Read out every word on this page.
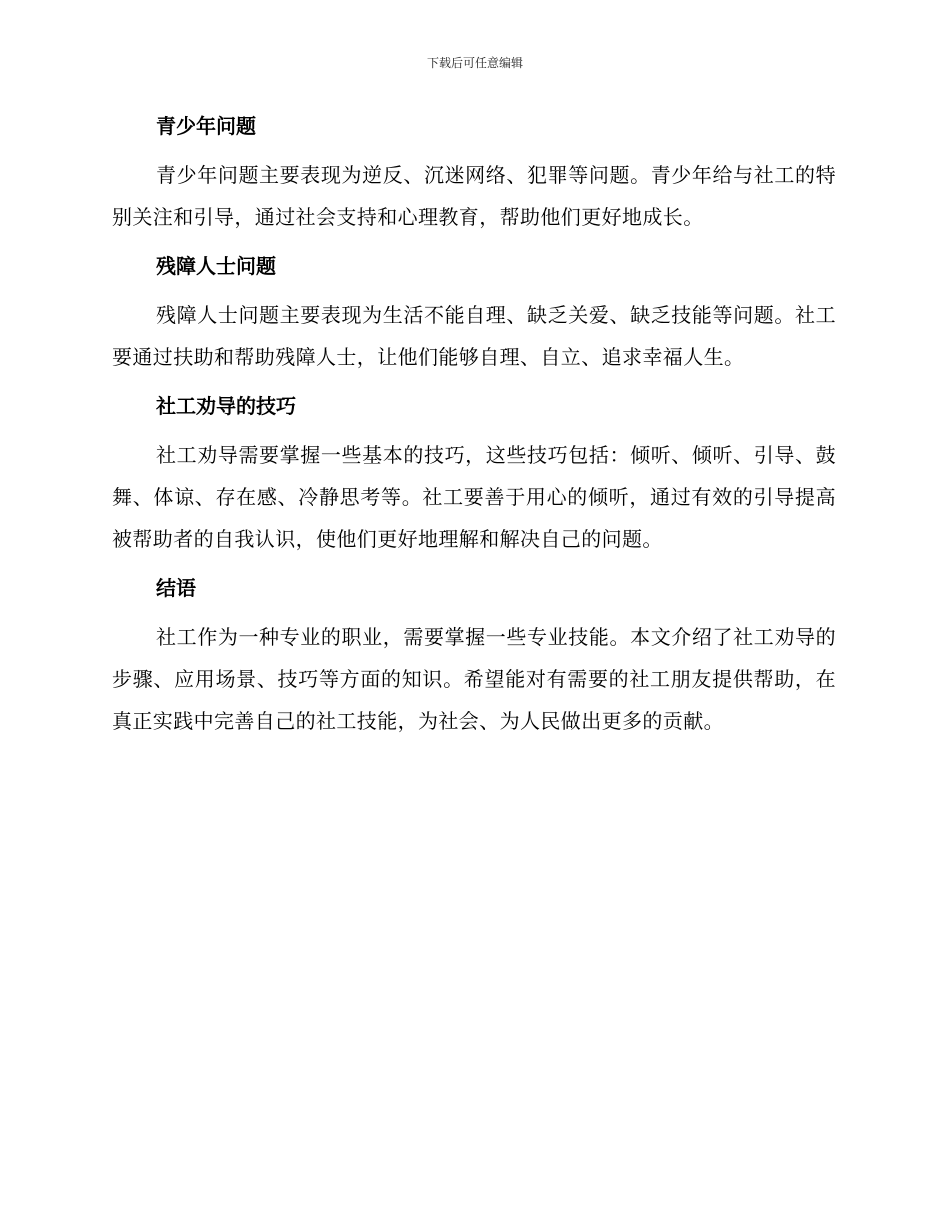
下载后可任意编辑
青少年问题

青少年问题主要表现为逆反、沉迷网络、犯罪等问题。青少年给与社工的特别关注和引导，通过社会支持和心理教育，帮助他们更好地成长。

残障人士问题

残障人士问题主要表现为生活不能自理、缺乏关爱、缺乏技能等问题。社工要通过扶助和帮助残障人士，让他们能够自理、自立、追求幸福人生。

社工劝导的技巧

社工劝导需要掌握一些基本的技巧，这些技巧包括：倾听、倾听、引导、鼓舞、体谅、存在感、冷静思考等。社工要善于用心的倾听，通过有效的引导提高被帮助者的自我认识，使他们更好地理解和解决自己的问题。

结语

社工作为一种专业的职业，需要掌握一些专业技能。本文介绍了社工劝导的步骤、应用场景、技巧等方面的知识。希望能对有需要的社工朋友提供帮助，在真正实践中完善自己的社工技能，为社会、为人民做出更多的贡献。
